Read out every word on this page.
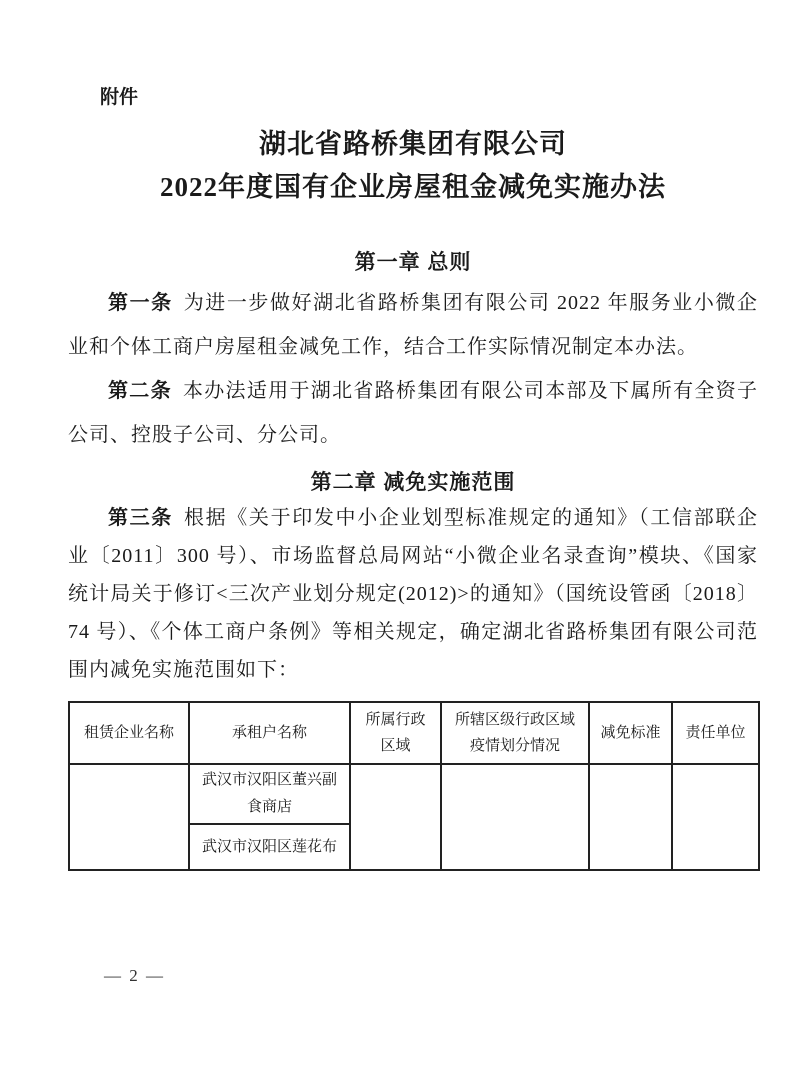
附件
湖北省路桥集团有限公司
2022年度国有企业房屋租金减免实施办法
第一章 总则

第一条 为进一步做好湖北省路桥集团有限公司 2022 年服务业小微企业和个体工商户房屋租金减免工作，结合工作实际情况制定本办法。

第二条 本办法适用于湖北省路桥集团有限公司本部及下属所有全资子公司、控股子公司、分公司。

第二章 减免实施范围

第三条 根据《关于印发中小企业划型标准规定的通知》（工信部联企业〔2011〕300 号）、市场监督总局网站“小微企业名录查询”模块、《国家统计局关于修订<三次产业划分规定(2012)>的通知》（国统设管函〔2018〕74 号）、《个体工商户条例》等相关规定，确定湖北省路桥集团有限公司范围内减免实施范围如下：

租赁企业名称	承租户名称	所属行政区域	所辖区级行政区域疫情划分情况	减免标准	责任单位
	武汉市汉阳区董兴副食商店				
	武汉市汉阳区莲花布				
— 2 —
